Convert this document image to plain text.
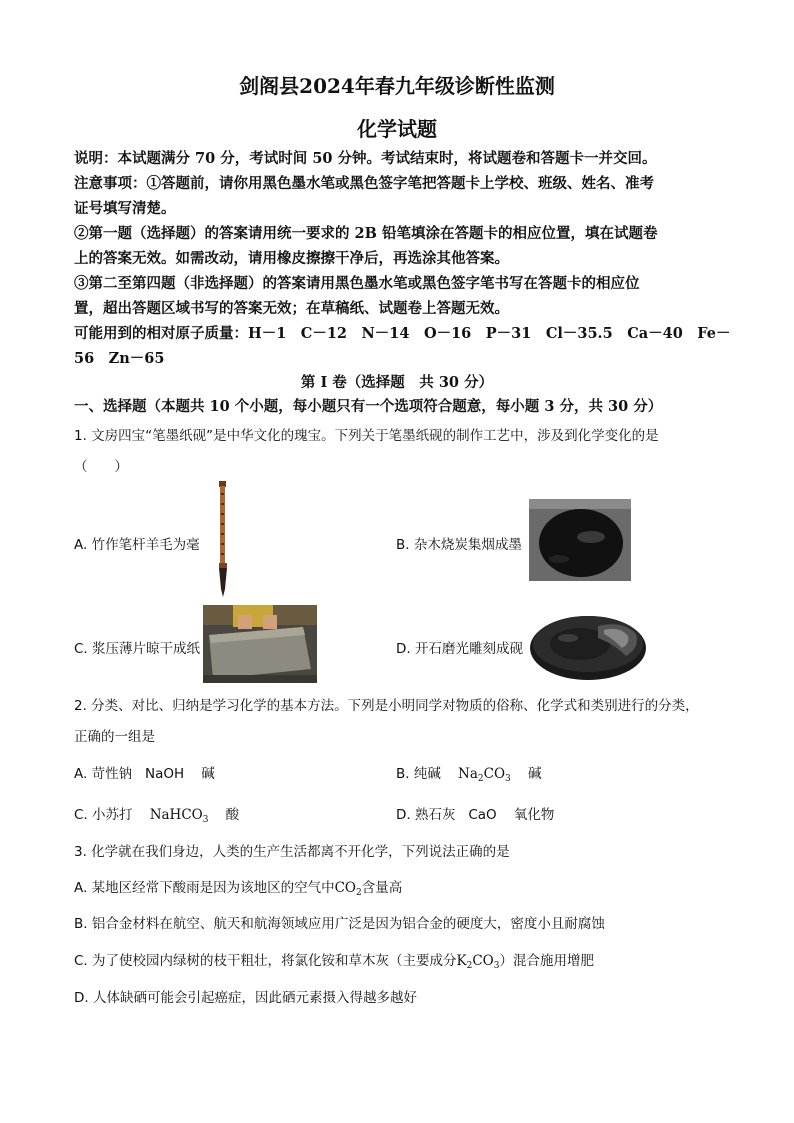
剑阁县2024年春九年级诊断性监测
化学试题
说明：本试题满分 70 分，考试时间 50 分钟。考试结束时，将试题卷和答题卡一并交回。
注意事项：①答题前，请你用黑色墨水笔或黑色签字笔把答题卡上学校、班级、姓名、准考
证号填写清楚。
②第一题（选择题）的答案请用统一要求的 2B 铅笔填涂在答题卡的相应位置，填在试题卷
上的答案无效。如需改动，请用橡皮擦擦干净后，再选涂其他答案。
③第二至第四题（非选择题）的答案请用黑色墨水笔或黑色签字笔书写在答题卡的相应位
置，超出答题区域书写的答案无效；在草稿纸、试题卷上答题无效。
可能用到的相对原子质量：H－1　C－12　N－14　O－16　P－31　Cl－35.5　Ca－40　Fe－
56　Zn－65
第 I 卷（选择题　共 30 分）
一、选择题（本题共 10 个小题，每小题只有一个选项符合题意，每小题 3 分，共 30 分）
1. 文房四宝“笔墨纸砚”是中华文化的瑰宝。下列关于笔墨纸砚的制作工艺中，涉及到化学变化的是
（　　）
A. 竹作笔杆羊毛为毫	B. 杂木烧炭集烟成墨
C. 浆压薄片晾干成纸	D. 开石磨光雕刻成砚
2. 分类、对比、归纳是学习化学的基本方法。下列是小明同学对物质的俗称、化学式和类别进行的分类，
正确的一组是
A. 苛性钠 NaOH 碱	B. 纯碱 $Na_2CO_3$ 碱
C. 小苏打 NaHCO$_3$ 酸	D. 熟石灰 CaO 氧化物
3. 化学就在我们身边，人类的生产生活都离不开化学，下列说法正确的是
A. 某地区经常下酸雨是因为该地区的空气中$CO_2$含量高
B. 铝合金材料在航空、航天和航海领域应用广泛是因为铝合金的硬度大，密度小且耐腐蚀
C. 为了使校园内绿树的枝干粗壮，将氯化铵和草木灰（主要成分$K_2CO_3$）混合施用增肥
D. 人体缺硒可能会引起癌症，因此硒元素摄入得越多越好
